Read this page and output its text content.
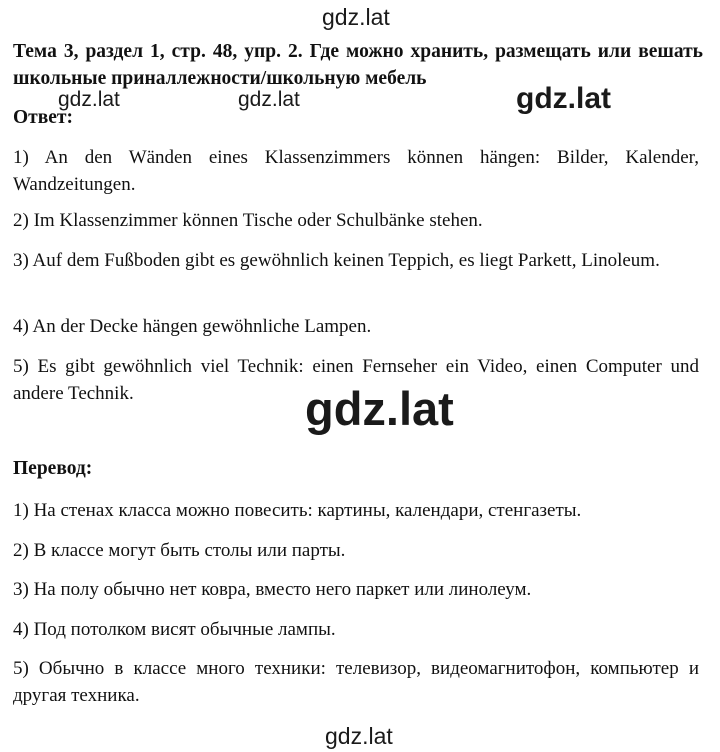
gdz.lat
Тема 3, раздел 1, стр. 48, упр. 2. Где можно хранить, размещать или вешать школьные приналлежности/школьную мебель
gdz.lat	gdz.lat	gdz.lat
Ответ:
1) An den Wänden eines Klassenzimmers können hängen: Bilder, Kalender, Wandzeitungen.
2) Im Klassenzimmer können Tische oder Schulbänke stehen.
3) Auf dem Fußboden gibt es gewöhnlich keinen Teppich, es liegt Parkett, Linoleum.
4) An der Decke hängen gewöhnliche Lampen.
5) Es gibt gewöhnlich viel Technik: einen Fernseher ein Video, einen Computer und andere Technik.	gdz.lat
Перевод:
1) На стенах класса можно повесить: картины, календари, стенгазеты.
2) В классе могут быть столы или парты.
3) На полу обычно нет ковра, вместо него паркет или линолеум.
4) Под потолком висят обычные лампы.
5) Обычно в классе много техники: телевизор, видеомагнитофон, компьютер и другая техника.
gdz.lat
